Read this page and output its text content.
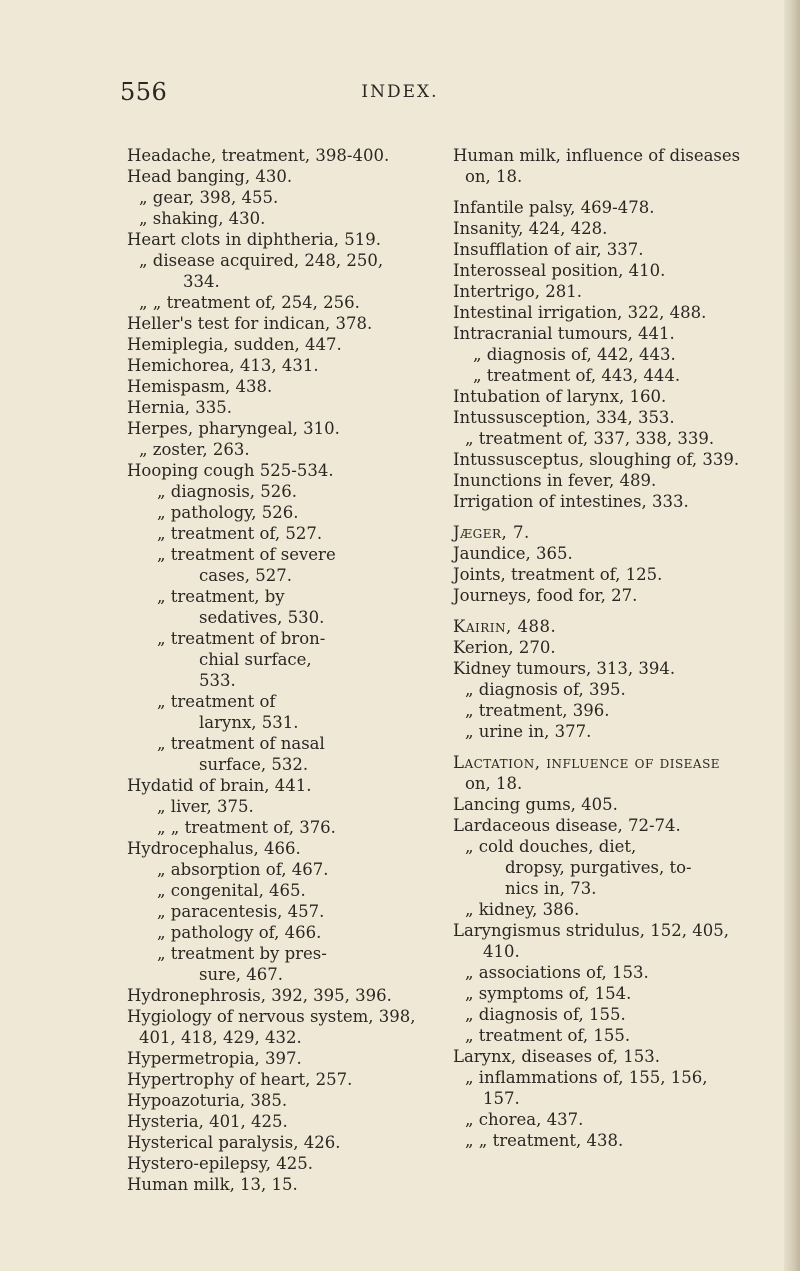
556	INDEX.
Headache, treatment, 398-400.
Head banging, 430.
„ gear, 398, 455.
„ shaking, 430.
Heart clots in diphtheria, 519.
„ disease acquired, 248, 250,
334.
„ „ treatment of, 254, 256.
Heller's test for indican, 378.
Hemiplegia, sudden, 447.
Hemichorea, 413, 431.
Hemispasm, 438.
Hernia, 335.
Herpes, pharyngeal, 310.
„ zoster, 263.
Hooping cough 525-534.
„ diagnosis, 526.
„ pathology, 526.
„ treatment of, 527.
„ treatment of severe
cases, 527.
„ treatment, by
sedatives, 530.
„ treatment of bron-
chial surface,
533.
„ treatment of
larynx, 531.
„ treatment of nasal
surface, 532.
Hydatid of brain, 441.
„ liver, 375.
„ „ treatment of, 376.
Hydrocephalus, 466.
„ absorption of, 467.
„ congenital, 465.
„ paracentesis, 457.
„ pathology of, 466.
„ treatment by pres-
sure, 467.
Hydronephrosis, 392, 395, 396.
Hygiology of nervous system, 398,
401, 418, 429, 432.
Hypermetropia, 397.
Hypertrophy of heart, 257.
Hypoazoturia, 385.
Hysteria, 401, 425.
Hysterical paralysis, 426.
Hystero-epilepsy, 425.
Human milk, 13, 15.
Human milk, influence of diseases
on, 18.
Infantile palsy, 469-478.
Insanity, 424, 428.
Insufflation of air, 337.
Interosseal position, 410.
Intertrigo, 281.
Intestinal irrigation, 322, 488.
Intracranial tumours, 441.
„ diagnosis of, 442, 443.
„ treatment of, 443, 444.
Intubation of larynx, 160.
Intussusception, 334, 353.
„ treatment of, 337, 338, 339.
Intussusceptus, sloughing of, 339.
Inunctions in fever, 489.
Irrigation of intestines, 333.
Jæger, 7.
Jaundice, 365.
Joints, treatment of, 125.
Journeys, food for, 27.
Kairin, 488.
Kerion, 270.
Kidney tumours, 313, 394.
„ diagnosis of, 395.
„ treatment, 396.
„ urine in, 377.
Lactation, influence of disease
on, 18.
Lancing gums, 405.
Lardaceous disease, 72-74.
„ cold douches, diet,
dropsy, purgatives, to-
nics in, 73.
„ kidney, 386.
Laryngismus stridulus, 152, 405,
410.
„ associations of, 153.
„ symptoms of, 154.
„ diagnosis of, 155.
„ treatment of, 155.
Larynx, diseases of, 153.
„ inflammations of, 155, 156,
157.
„ chorea, 437.
„ „ treatment, 438.
